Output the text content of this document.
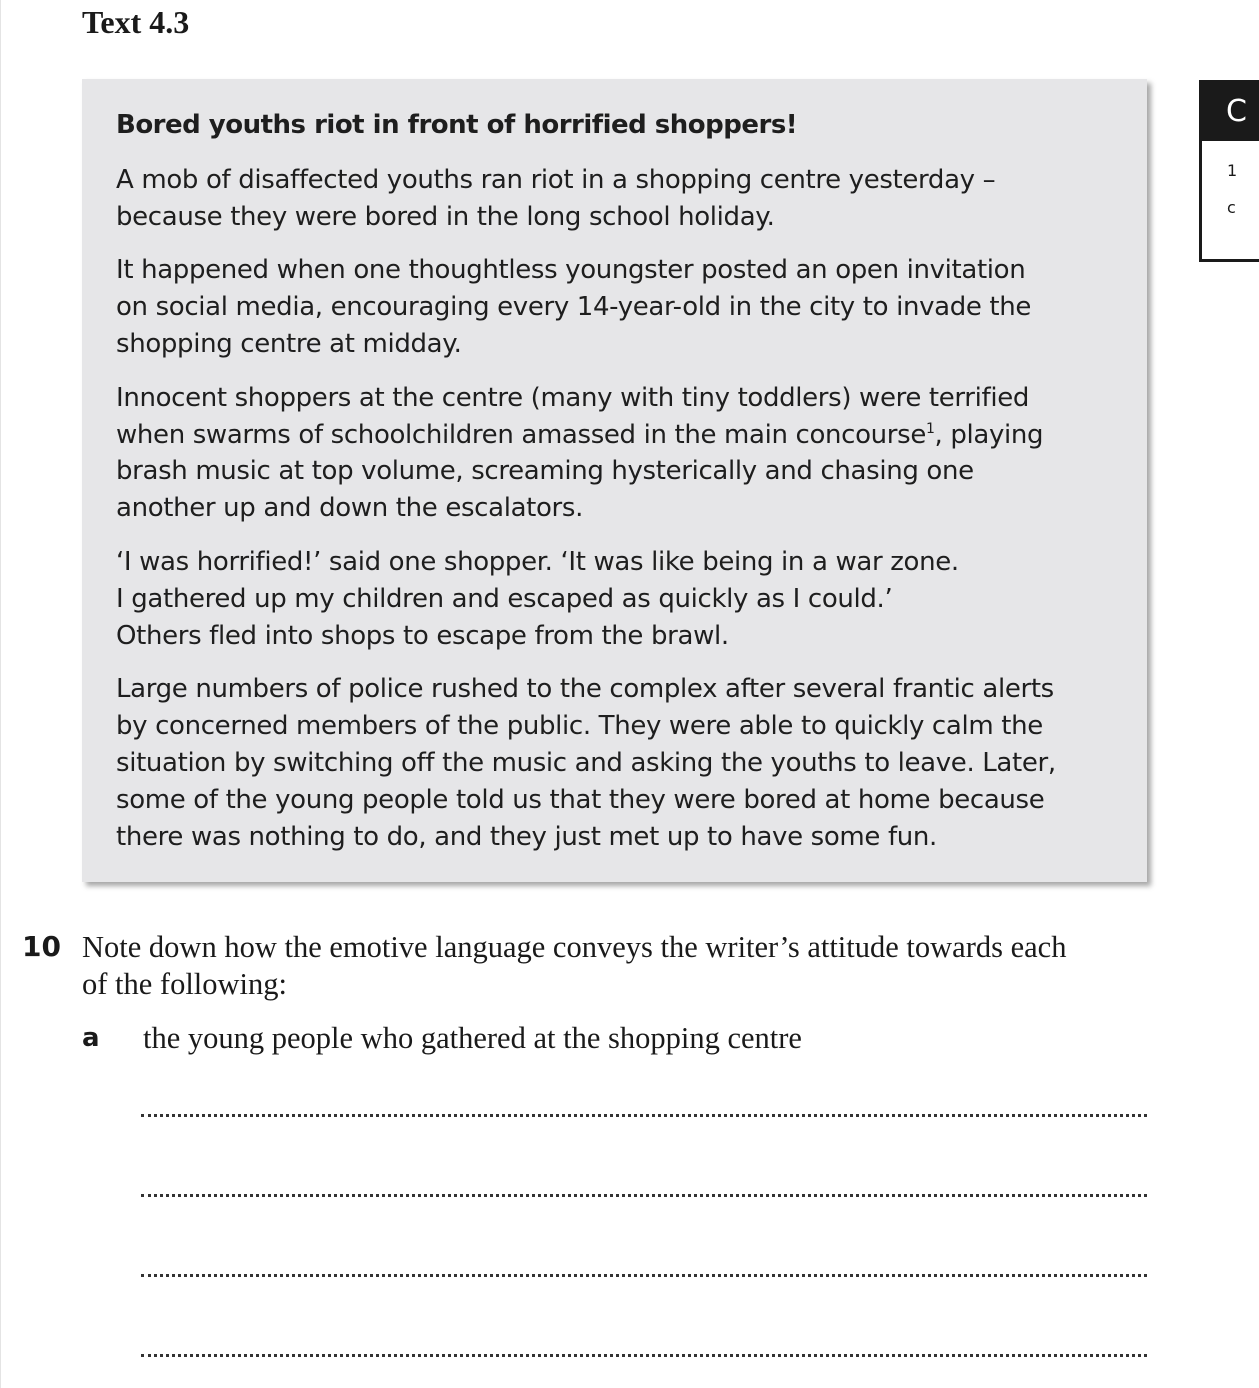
Text 4.3

Bored youths riot in front of horrified shoppers!

A mob of disaffected youths ran riot in a shopping centre yesterday –
because they were bored in the long school holiday.

It happened when one thoughtless youngster posted an open invitation
on social media, encouraging every 14-year-old in the city to invade the
shopping centre at midday.

Innocent shoppers at the centre (many with tiny toddlers) were terrified
when swarms of schoolchildren amassed in the main concourse$^1$, playing
brash music at top volume, screaming hysterically and chasing one
another up and down the escalators.

‘I was horrified!’ said one shopper. ‘It was like being in a war zone.
I gathered up my children and escaped as quickly as I could.’
Others fled into shops to escape from the brawl.

Large numbers of police rushed to the complex after several frantic alerts
by concerned members of the public. They were able to quickly calm the
situation by switching off the music and asking the youths to leave. Later,
some of the young people told us that they were bored at home because
there was nothing to do, and they just met up to have some fun.

C
1
c
10 Note down how the emotive language conveys the writer’s attitude towards each
of the following:
a the young people who gathered at the shopping centre
